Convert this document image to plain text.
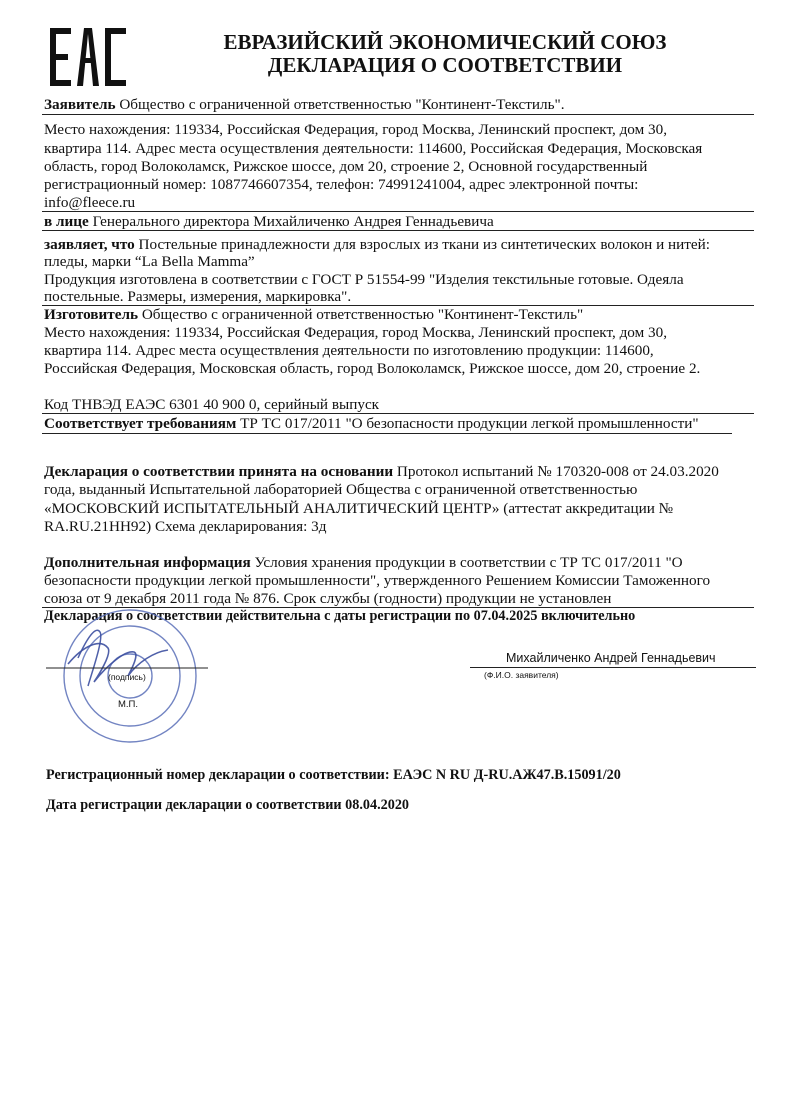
ЕВРАЗИЙСКИЙ ЭКОНОМИЧЕСКИЙ СОЮЗ
ДЕКЛАРАЦИЯ О СООТВЕТСТВИИ
Заявитель Общество с ограниченной ответственностью "Континент-Текстиль".
Место нахождения: 119334, Российская Федерация, город Москва, Ленинский проспект, дом 30,
квартира 114. Адрес места осуществления деятельности: 114600, Российская Федерация, Московская
область, город Волоколамск, Рижское шоссе, дом 20, строение 2, Основной государственный
регистрационный номер: 1087746607354, телефон: 74991241004, адрес электронной почты:
info@fleece.ru
в лице Генерального директора Михайличенко Андрея Геннадьевича
заявляет, что Постельные принадлежности для взрослых из ткани из синтетических волокон и нитей:
пледы, марки “La Bella Mamma”
Продукция изготовлена в соответствии с ГОСТ Р 51554-99 "Изделия текстильные готовые. Одеяла
постельные. Размеры, измерения, маркировка".
Изготовитель Общество с ограниченной ответственностью "Континент-Текстиль"
Место нахождения: 119334, Российская Федерация, город Москва, Ленинский проспект, дом 30,
квартира 114. Адрес места осуществления деятельности по изготовлению продукции: 114600,
Российская Федерация, Московская область, город Волоколамск, Рижское шоссе, дом 20, строение 2.
Код ТНВЭД ЕАЭС 6301 40 900 0, серийный выпуск
Соответствует требованиям ТР ТС 017/2011 "О безопасности продукции легкой промышленности"
Декларация о соответствии принята на основании Протокол испытаний № 170320-008 от 24.03.2020
года, выданный Испытательной лабораторией Общества с ограниченной ответственностью
«МОСКОВСКИЙ ИСПЫТАТЕЛЬНЫЙ АНАЛИТИЧЕСКИЙ ЦЕНТР» (аттестат аккредитации №
RA.RU.21НН92) Схема декларирования: 3д
Дополнительная информация Условия хранения продукции в соответствии с ТР ТС 017/2011 "О
безопасности продукции легкой промышленности", утвержденного Решением Комиссии Таможенного
союза от 9 декабря 2011 года № 876. Срок службы (годности) продукции не установлен
Декларация о соответствии действительна с даты регистрации по 07.04.2025 включительно
(подпись)
М.П.
Михайличенко Андрей Геннадьевич
(Ф.И.О. заявителя)
Регистрационный номер декларации о соответствии: ЕАЭС N RU Д-RU.АЖ47.В.15091/20
Дата регистрации декларации о соответствии 08.04.2020
